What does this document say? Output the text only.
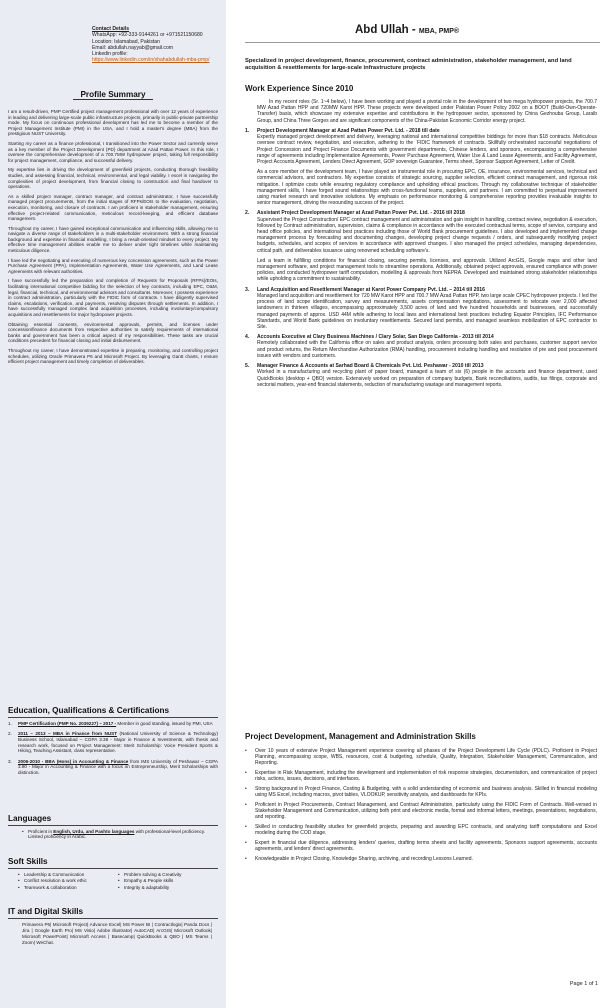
Contact Details
WhatsApp: +92-333-9144261 or +971521150680
Location: Islamabad, Pakistan
Email: abdullah.nayyab@gmail.com
Linkedin profile:
https://www.linkedin.com/in/shahabdullah-mba-pmp/
Abd Ullah - MBA, PMP®
Specialized in project development, finance, procurement, contract administration, stakeholder management, and land acquisition & resettlements for large-scale infrastructure projects
Profile Summary

I am a result-driven, PMP Certified project management professional with over 12 years of experience in leading and delivering large-scale public infrastructure projects, primarily in public-private partnership mode. My focus on continuous professional development has led me to become a member of the Project Management Institute (PMI) in the USA, and I hold a master's degree (MBA) from the prestigious NUST University.

Starting my career as a finance professional, I transitioned into the Power Sector and currently serve as a key member of the Project Development (PD) department at Azad Pattan Power. In this role, I oversee the comprehensive development of a 700.7MW hydropower project, taking full responsibility for project management, compliance, and successful delivery.

My expertise lies in driving the development of greenfield projects, conducting thorough feasibility studies, and assessing financial, technical, environmental, and legal viability. I excel in navigating the complexities of project development, from financial closing to construction and final handover to operations.

As a skilled project manager, contract manager, and contract administrator, I have successfully managed project procurements, from the initial stages of RFPs/EOIs to the evaluation, negotiation, execution, monitoring, and closure of contracts. I am proficient in stakeholder management, ensuring effective project-related communication, meticulous record-keeping, and efficient database management.

Throughout my career, I have gained exceptional communication and influencing skills, allowing me to navigate a diverse range of stakeholders in a multi-stakeholder environment. With a strong financial background and expertise in financial modelling, I bring a result-oriented mindset to every project. My effective time management abilities enable me to deliver under tight timelines while maintaining meticulous diligence.

I have led the negotiating and executing of numerous key concession agreements, such as the Power Purchase Agreement (PPA), Implementation Agreements, Water Use Agreements, and Land Lease Agreements with relevant authorities.

I have successfully led the preparation and completion of Requests for Proposals (RFPs)/EOIs, facilitating international competitive bidding for the selection of key contracts, including EPC, O&M, legal, financial, technical, and environmental advisors and consultants. Moreover, I possess experience in contract administration, particularly with the FIDIC form of contracts. I have diligently supervised claims, escalations, verification, and payments, resolving disputes through settlements. In addition, I have successfully managed complex land acquisition processes, including involuntary/compulsory acquisitions and resettlements for major hydropower projects.

Obtaining essential consents, environmental approvals, permits, and licenses under concession/finance documents from respective authorities to satisfy requirements of international banks and government has been a critical aspect of my responsibilities. These tasks are crucial conditions precedent for financial closing and initial disbursement.

Throughout my career, I have demonstrated expertise in preparing, monitoring, and controlling project schedules, utilizing Oracle Primavera P6 and Microsoft Project. By leveraging Gantt charts, I ensure efficient project management and timely completion of deliverables.

Education, Qualifications & Certifications
1.	PMP Certification (PMP No. 2039227) – 2017 - Member in good standing, issued by PMI, USA
2.	2011 – 2013 – MBA in Finance from NUST (National University of Science & Technology) Business School, Islamabad – CGPA 3.38 - Major in Finance & Investments, with thesis and research work, focused on Project Management: Merit Scholarship: Voice President Sports & Hiking, Teaching Assistant, class representative.
3.	2006-2010 - BBA (Hons) in Accounting & Finance from IMS University of Peshawar – CGPA 3.80 - Major in Accounting & Finance with a focus on Entrepreneurship, Merit Scholarships with distinction.
Languages
• Proficient in English, Urdu, and Pashto languages with professional-level proficiency. Limited proficiency in Arabic.
Soft Skills
• Leadership & Communication	• Problem solving & Creativity
• Conflict resolution & work ethic	• Empathy & People skills
• Teamwork & collaboration	• Integrity & adaptability
IT and Digital Skills
Primavera P6| Microsoft Project| Advance Excel| MS Power BI | Contractlogix| Panda Docs | Jira | Google Earth Pro| MS Visio| Adobe Illustrator| AutoCAD| ArcGIS| Microsoft Outlook| Microsoft PowerPoint| Microsoft Access | Basecamp| QuickBooks & QBO | MS Teams | Zoom| WeChat.
Work Experience Since 2010

In my recent roles (Sr. 1~4 below), I have been working and played a pivotal role in the development of two mega hydropower projects, the 700.7 MW Azad Pattan HPP and 720MW Karot HPP. These projects were developed under Pakistan Power Policy 2002 on a BOOT (Build-Own-Operate-Transfer) basis, which showcase my extensive expertise and contributions in the hydropower sector, sponsored by China Gezhouba Group, Laraib Group, and China Three Gorges and are significant components of the China-Pakistan Economic Corridor energy project.

1.	Project Development Manager at Azad Pattan Power Pvt. Ltd. - 2018 till date

Expertly managed project development and delivery, leveraging national and international competitive biddings for more than $18 contracts. Meticulous oversee contract review, negotiation, and execution, adhering to the `FIDIC framework of contracts. Skillfully orchestrated successful negotiations of Project Concession and Project Finance Documents with government departments, Chinese lenders, and sponsors, encompassing a comprehensive range of agreements including Implementation Agreements, Power Purchase Agreement, Water Use & Land Lease Agreements, and Facility Agreement, Project Accounts Agreement, Lenders Direct Agreement, GOP sovereign Guarantee, Terms sheet, Sponsor Support Agreement, Letter of Credit.

As a core member of the development team, I have played an instrumental role in procuring EPC, OE, insurance, environmental services, technical and commercial advisors, and contractors. My expertise consists of strategic sourcing, supplier selection, efficient contract management, and rigorous risk mitigation. I optimize costs while ensuring regulatory compliance and upholding ethical practices. Through my collaborative technique of stakeholder management skills, I have forged sound relationships with cross-functional teams, suppliers, and partners. I am committed to perpetual improvement using market research and innovative solutions. My emphasis on performance monitoring & comprehensive reporting provides invaluable insights to senior management, driving the resounding success of the project.

2.	Assistant Project Development Manager at Azad Pattan Power Pvt. Ltd. - 2016 till 2018

Supervised the Project Construction/ EPC contract management and administration and gain insight in handling, contract review, negotiation & execution, followed by Contract administration, supervision, claims & compliance in accordance with the executed contractual terms, scope of service, company and head office policies, and international best practices including those of World Bank procurement guidelines. I also developed and implemented change management process by forecasting and documenting changes, developing project change requests / orders, and subsequently modifying project budgets, schedules, and scopes of services in accordance with approved changes. I also managed the project schedules, managing dependencies, critical path, and deliverables issuance using renowned scheduling software's.

Led a team in fulfilling conditions for financial closing, securing permits, licenses, and approvals. Utilized ArcGIS, Google maps and other land management software, and project management tools to streamline operations. Additionally, obtained project approvals, ensured compliance with power policies, and conducted hydropower tariff computation, modelling & approvals from NEPRA. Developed and maintained strong stakeholder relationships while upholding a commitment to sustainability.

3.	Land Acquisition and Resettlement Manager at Karot Power Company Pvt. Ltd. – 2014 till 2016

Managed land acquisition and resettlement for 720 MW Karot HPP and 700.7 MW Azad Pattan HPP, two large scale CPEC hydropower projects. I led the process of land scope identification, survey and measurements, assets compensation negotiations, assessment to relocate over 2,000 affected landowners in thirteen villages, encompassing approximately 3,500 acres of land and five hundred households and businesses, and successfully managed payments of approx. USD 44M while adhering to local laws and international best practices including Equator Principles, IFC Performance Standards, and World Bank guidelines on involuntary resettlements. Secured land permits, and managed seamless mobilization of EPC contractor to Site.

4.	Accounts Executive at Clary Business Machines / Clary Solar, San Diego California - 2013 till 2014

Remotely collaborated with the California office on sales and product analysis, orders processing both sales and purchases, customer support service and product returns, the Return Merchandise Authorization (RMA) handling, procurement including handling and resolution of pre and post procurement issues with vendors and customers.

5.	Manager Finance & Accounts at Sarhad Board & Chemicals Pvt. Ltd. Peshawar - 2010 till 2013

Worked in a manufacturing and recycling plant of paper board, managed a team of six (6) people in the accounts and finance department, used QuickBooks (desktop + QBO) version. Extensively worked on preparation of company budgets, Bank reconciliations, audits, tax filings, corporate and sectorial matters, year-end financial statements, reduction of manufacturing wastage and management reports.

Project Development, Management and Administration Skills
•	Over 10 years of extensive Project Management experience covering all phases of the Project Development Life Cycle (PDLC). Proficient in Project Planning, encompassing scope, WBS, resources, cost & budgeting, schedule, Quality, Integration, Stakeholder Management, Communication, and Reporting.
•	Expertise in Risk Management, including the development and implementation of risk response strategies, documentation, and communication of project risks, actions, issues, decisions, and interfaces.
•	Strong background in Project Finance, Costing & Budgeting, with a solid understanding of economic and business analysis. Skilled in financial modeling using MS Excel, including macros, pivot tables, VLOOKUP, sensitivity analysis, and dashboards for KPIs.
•	Proficient in Project Procurements, Contract Management, and Contract Administration, particularly using the FIDIC Form of Contracts. Well-versed in Stakeholder Management and Communication, utilizing both print and electronic media, formal and informal letters, meetings, presentations, negotiations, and reporting.
•	Skilled in conducting feasibility studies for greenfield projects, preparing and awarding EPC contracts, and analyzing tariff computations and Excel modeling during the COD stage.
•	Expert in financial due diligence, addressing lenders' queries, drafting terms sheets and facility agreements, Sponsors support agreements, accounts agreements, and lenders' direct agreements.
•	Knowledgeable in Project Closing, Knowledge Sharing, archiving, and recording Lessons Learned.
Page 1 of 1
